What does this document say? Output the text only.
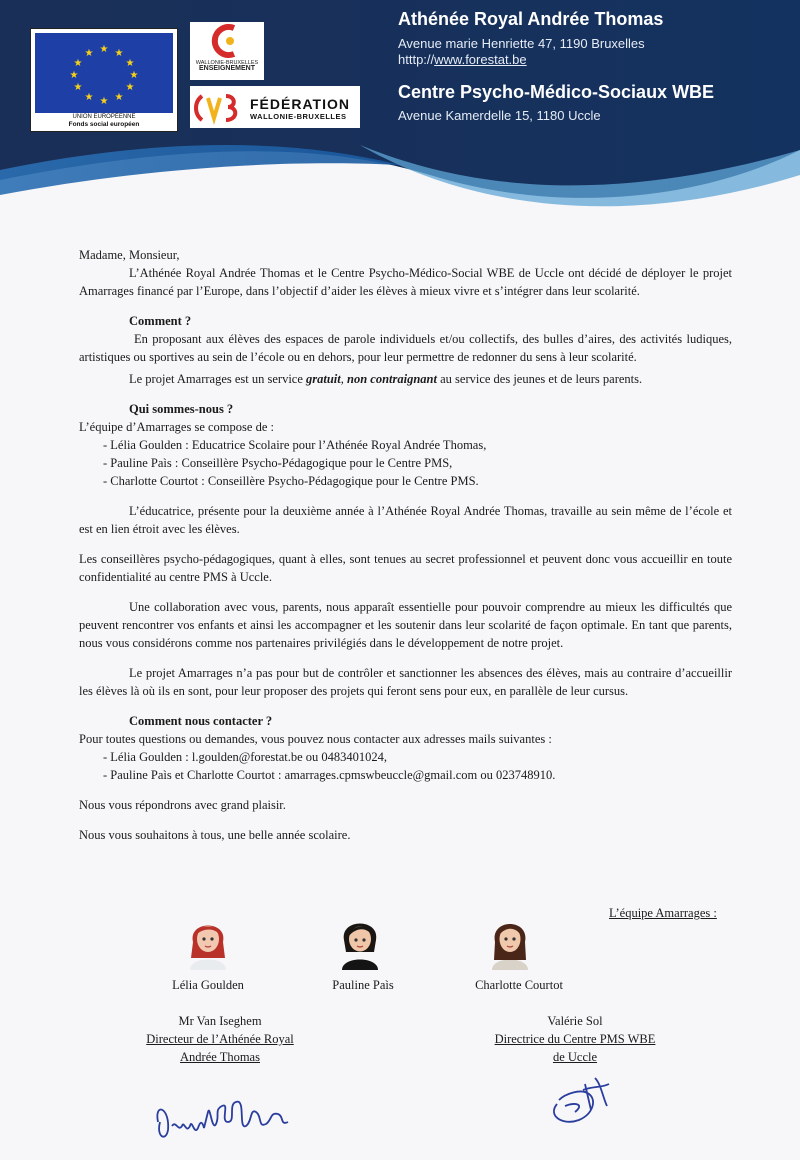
★ ★
★
★
★
★
★
★
★
★
★
★
UNION EUROPÉENNE
Fonds social européen
WALLONIE-BRUXELLES
ENSEIGNEMENT
FÉDÉRATION
WALLONIE-BRUXELLES
Athénée Royal Andrée Thomas
Avenue marie Henriette 47, 1190 Bruxelles
htttp://www.forestat.be
Centre Psycho-Médico-Sociaux WBE
Avenue Kamerdelle 15, 1180 Uccle

Madame, Monsieur,

L’Athénée Royal Andrée Thomas et le Centre Psycho-Médico-Social WBE de Uccle ont décidé de déployer le projet Amarrages financé par l’Europe, dans l’objectif d’aider les élèves à mieux vivre et s’intégrer dans leur scolarité.

Comment ?

En proposant aux élèves des espaces de parole individuels et/ou collectifs, des bulles d’aires, des activités ludiques, artistiques ou sportives au sein de l’école ou en dehors, pour leur permettre de redonner du sens à leur scolarité.

Le projet Amarrages est un service gratuit, non contraignant au service des jeunes et de leurs parents.

Qui sommes-nous ?

L’équipe d’Amarrages se compose de :

- Lélia Goulden : Educatrice Scolaire pour l’Athénée Royal Andrée Thomas,
- Pauline Paìs : Conseillère Psycho-Pédagogique pour le Centre PMS,
- Charlotte Courtot : Conseillère Psycho-Pédagogique pour le Centre PMS.

L’éducatrice, présente pour la deuxième année à l’Athénée Royal Andrée Thomas, travaille au sein même de l’école et est en lien étroit avec les élèves.

Les conseillères psycho-pédagogiques, quant à elles, sont tenues au secret professionnel et peuvent donc vous accueillir en toute confidentialité au centre PMS à Uccle.

Une collaboration avec vous, parents, nous apparaît essentielle pour pouvoir comprendre au mieux les difficultés que peuvent rencontrer vos enfants et ainsi les accompagner et les soutenir dans leur scolarité de façon optimale. En tant que parents, nous vous considérons comme nos partenaires privilégiés dans le développement de notre projet.

Le projet Amarrages n’a pas pour but de contrôler et sanctionner les absences des élèves, mais au contraire d’accueillir les élèves là où ils en sont, pour leur proposer des projets qui feront sens pour eux, en parallèle de leur cursus.

Comment nous contacter ?

Pour toutes questions ou demandes, vous pouvez nous contacter aux adresses mails suivantes :

- Lélia Goulden : l.goulden@forestat.be ou 0483401024,
- Pauline Paìs et Charlotte Courtot : amarrages.cpmswbeuccle@gmail.com ou 023748910.

Nous vous répondrons avec grand plaisir.

Nous vous souhaitons à tous, une belle année scolaire.

L’équipe Amarrages :
Lélia Goulden	Pauline Paìs	Charlotte Courtot
Mr Van Iseghem
Directeur de l’Athénée Royal
Andrée Thomas
Valérie Sol
Directrice du Centre PMS WBE
de Uccle
